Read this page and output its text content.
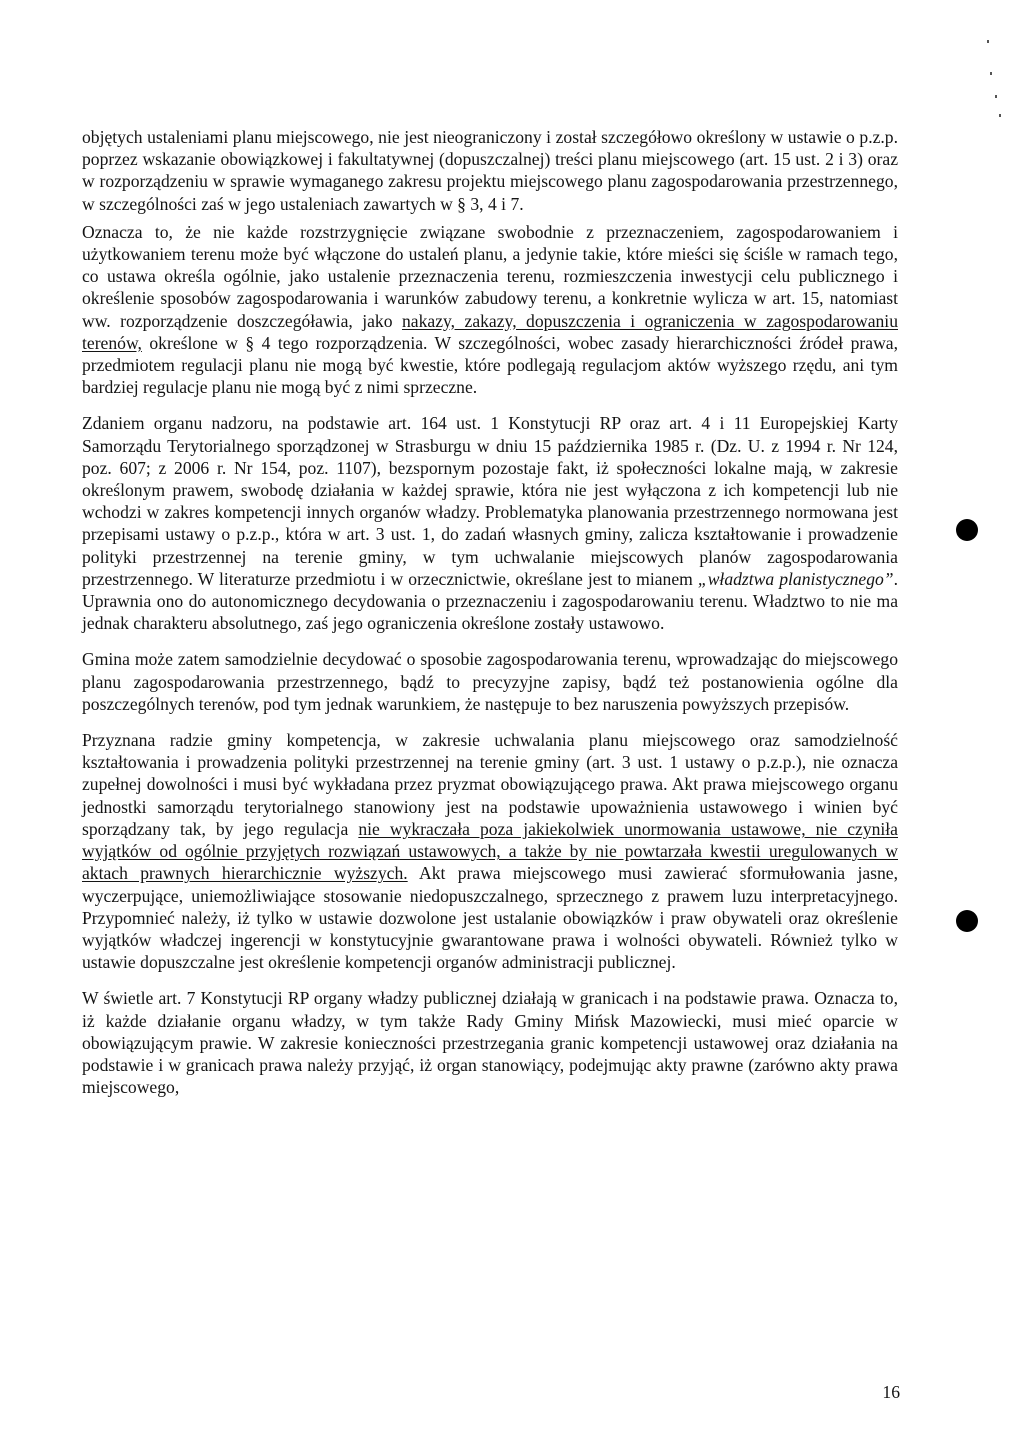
objętych ustaleniami planu miejscowego, nie jest nieograniczony i został szczegółowo określony w ustawie o p.z.p. poprzez wskazanie obowiązkowej i fakultatywnej (dopuszczalnej) treści planu miejscowego (art. 15 ust. 2 i 3) oraz w rozporządzeniu w sprawie wymaganego zakresu projektu miejscowego planu zagospodarowania przestrzennego, w szczególności zaś w jego ustaleniach zawartych w § 3, 4 i 7.

Oznacza to, że nie każde rozstrzygnięcie związane swobodnie z przeznaczeniem, zagospodarowaniem i użytkowaniem terenu może być włączone do ustaleń planu, a jedynie takie, które mieści się ściśle w ramach tego, co ustawa określa ogólnie, jako ustalenie przeznaczenia terenu, rozmieszczenia inwestycji celu publicznego i określenie sposobów zagospodarowania i warunków zabudowy terenu, a konkretnie wylicza w art. 15, natomiast ww. rozporządzenie doszczegóławia, jako nakazy, zakazy, dopuszczenia i ograniczenia w zagospodarowaniu terenów, określone w § 4 tego rozporządzenia. W szczególności, wobec zasady hierarchiczności źródeł prawa, przedmiotem regulacji planu nie mogą być kwestie, które podlegają regulacjom aktów wyższego rzędu, ani tym bardziej regulacje planu nie mogą być z nimi sprzeczne.

Zdaniem organu nadzoru, na podstawie art. 164 ust. 1 Konstytucji RP oraz art. 4 i 11 Europejskiej Karty Samorządu Terytorialnego sporządzonej w Strasburgu w dniu 15 października 1985 r. (Dz. U. z 1994 r. Nr 124, poz. 607; z 2006 r. Nr 154, poz. 1107), bezspornym pozostaje fakt, iż społeczności lokalne mają, w zakresie określonym prawem, swobodę działania w każdej sprawie, która nie jest wyłączona z ich kompetencji lub nie wchodzi w zakres kompetencji innych organów władzy. Problematyka planowania przestrzennego normowana jest przepisami ustawy o p.z.p., która w art. 3 ust. 1, do zadań własnych gminy, zalicza kształtowanie i prowadzenie polityki przestrzennej na terenie gminy, w tym uchwalanie miejscowych planów zagospodarowania przestrzennego. W literaturze przedmiotu i w orzecznictwie, określane jest to mianem „władztwa planistycznego”. Uprawnia ono do autonomicznego decydowania o przeznaczeniu i zagospodarowaniu terenu. Władztwo to nie ma jednak charakteru absolutnego, zaś jego ograniczenia określone zostały ustawowo.

Gmina może zatem samodzielnie decydować o sposobie zagospodarowania terenu, wprowadzając do miejscowego planu zagospodarowania przestrzennego, bądź to precyzyjne zapisy, bądź też postanowienia ogólne dla poszczególnych terenów, pod tym jednak warunkiem, że następuje to bez naruszenia powyższych przepisów.

Przyznana radzie gminy kompetencja, w zakresie uchwalania planu miejscowego oraz samodzielność kształtowania i prowadzenia polityki przestrzennej na terenie gminy (art. 3 ust. 1 ustawy o p.z.p.), nie oznacza zupełnej dowolności i musi być wykładana przez pryzmat obowiązującego prawa. Akt prawa miejscowego organu jednostki samorządu terytorialnego stanowiony jest na podstawie upoważnienia ustawowego i winien być sporządzany tak, by jego regulacja nie wykraczała poza jakiekolwiek unormowania ustawowe, nie czyniła wyjątków od ogólnie przyjętych rozwiązań ustawowych, a także by nie powtarzała kwestii uregulowanych w aktach prawnych hierarchicznie wyższych. Akt prawa miejscowego musi zawierać sformułowania jasne, wyczerpujące, uniemożliwiające stosowanie niedopuszczalnego, sprzecznego z prawem luzu interpretacyjnego. Przypomnieć należy, iż tylko w ustawie dozwolone jest ustalanie obowiązków i praw obywateli oraz określenie wyjątków władczej ingerencji w konstytucyjnie gwarantowane prawa i wolności obywateli. Również tylko w ustawie dopuszczalne jest określenie kompetencji organów administracji publicznej.

W świetle art. 7 Konstytucji RP organy władzy publicznej działają w granicach i na podstawie prawa. Oznacza to, iż każde działanie organu władzy, w tym także Rady Gminy Mińsk Mazowiecki, musi mieć oparcie w obowiązującym prawie. W zakresie konieczności przestrzegania granic kompetencji ustawowej oraz działania na podstawie i w granicach prawa należy przyjąć, iż organ stanowiący, podejmując akty prawne (zarówno akty prawa miejscowego,

16
